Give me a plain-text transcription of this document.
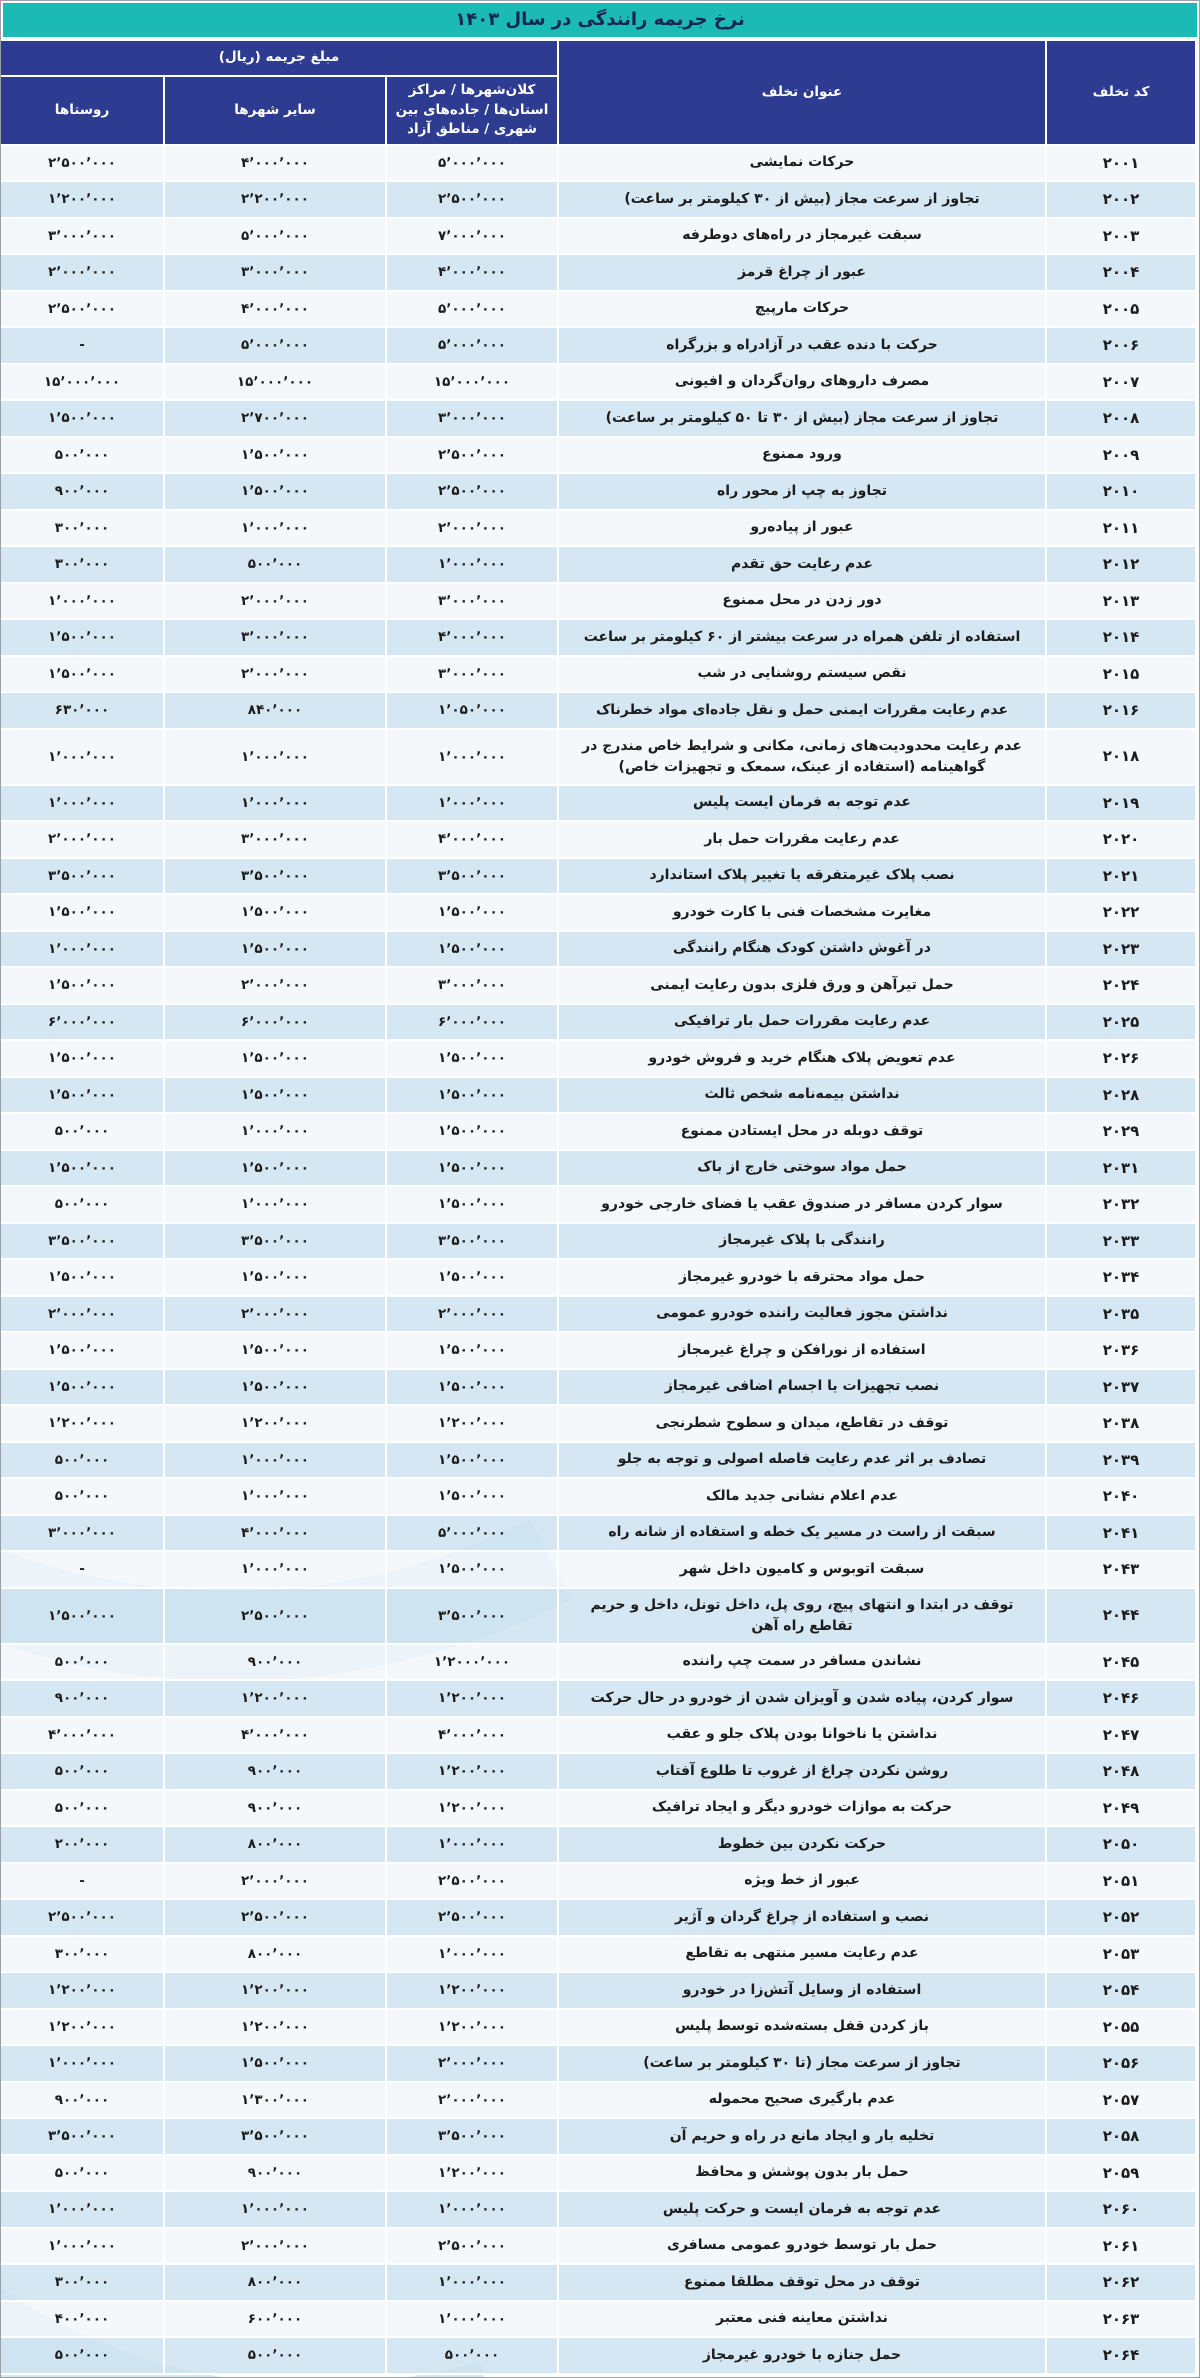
نرخ جریمه رانندگی در سال ۱۴۰۳
کد تخلف	عنوان تخلف	مبلغ جریمه (ریال)		
		کلان‌شهرها / مراکز استان‌ها / جاده‌های بین شهری / مناطق آزاد	سایر شهرها	روستاها
۲۰۰۱	حرکات نمایشی	۵٬۰۰۰٬۰۰۰	۴٬۰۰۰٬۰۰۰	۲٬۵۰۰٬۰۰۰
۲۰۰۲	تجاوز از سرعت مجاز (بیش از ۳۰ کیلومتر بر ساعت)	۲٬۵۰۰٬۰۰۰	۲٬۲۰۰٬۰۰۰	۱٬۲۰۰٬۰۰۰
۲۰۰۳	سبقت غیرمجاز در راه‌های دوطرفه	۷٬۰۰۰٬۰۰۰	۵٬۰۰۰٬۰۰۰	۳٬۰۰۰٬۰۰۰
۲۰۰۴	عبور از چراغ قرمز	۴٬۰۰۰٬۰۰۰	۳٬۰۰۰٬۰۰۰	۲٬۰۰۰٬۰۰۰
۲۰۰۵	حرکات مارپیچ	۵٬۰۰۰٬۰۰۰	۴٬۰۰۰٬۰۰۰	۲٬۵۰۰٬۰۰۰
۲۰۰۶	حرکت با دنده عقب در آزادراه و بزرگراه	۵٬۰۰۰٬۰۰۰	۵٬۰۰۰٬۰۰۰	-
۲۰۰۷	مصرف داروهای روان‌گردان و افیونی	۱۵٬۰۰۰٬۰۰۰	۱۵٬۰۰۰٬۰۰۰	۱۵٬۰۰۰٬۰۰۰
۲۰۰۸	تجاوز از سرعت مجاز (بیش از ۳۰ تا ۵۰ کیلومتر بر ساعت)	۳٬۰۰۰٬۰۰۰	۲٬۷۰۰٬۰۰۰	۱٬۵۰۰٬۰۰۰
۲۰۰۹	ورود ممنوع	۲٬۵۰۰٬۰۰۰	۱٬۵۰۰٬۰۰۰	۵۰۰٬۰۰۰
۲۰۱۰	تجاوز به چپ از محور راه	۲٬۵۰۰٬۰۰۰	۱٬۵۰۰٬۰۰۰	۹۰۰٬۰۰۰
۲۰۱۱	عبور از پیاده‌رو	۲٬۰۰۰٬۰۰۰	۱٬۰۰۰٬۰۰۰	۳۰۰٬۰۰۰
۲۰۱۲	عدم رعایت حق تقدم	۱٬۰۰۰٬۰۰۰	۵۰۰٬۰۰۰	۳۰۰٬۰۰۰
۲۰۱۳	دور زدن در محل ممنوع	۳٬۰۰۰٬۰۰۰	۲٬۰۰۰٬۰۰۰	۱٬۰۰۰٬۰۰۰
۲۰۱۴	استفاده از تلفن همراه در سرعت بیشتر از ۶۰ کیلومتر بر ساعت	۴٬۰۰۰٬۰۰۰	۳٬۰۰۰٬۰۰۰	۱٬۵۰۰٬۰۰۰
۲۰۱۵	نقص سیستم روشنایی در شب	۳٬۰۰۰٬۰۰۰	۲٬۰۰۰٬۰۰۰	۱٬۵۰۰٬۰۰۰
۲۰۱۶	عدم رعایت مقررات ایمنی حمل و نقل جاده‌ای مواد خطرناک	۱٬۰۵۰٬۰۰۰	۸۴۰٬۰۰۰	۶۳۰٬۰۰۰
۲۰۱۸	عدم رعایت محدودیت‌های زمانی، مکانی و شرایط خاص مندرج در گواهینامه (استفاده از عینک، سمعک و تجهیزات خاص)	۱٬۰۰۰٬۰۰۰	۱٬۰۰۰٬۰۰۰	۱٬۰۰۰٬۰۰۰
۲۰۱۹	عدم توجه به فرمان ایست پلیس	۱٬۰۰۰٬۰۰۰	۱٬۰۰۰٬۰۰۰	۱٬۰۰۰٬۰۰۰
۲۰۲۰	عدم رعایت مقررات حمل بار	۴٬۰۰۰٬۰۰۰	۳٬۰۰۰٬۰۰۰	۲٬۰۰۰٬۰۰۰
۲۰۲۱	نصب پلاک غیرمتفرقه یا تغییر پلاک استاندارد	۳٬۵۰۰٬۰۰۰	۳٬۵۰۰٬۰۰۰	۳٬۵۰۰٬۰۰۰
۲۰۲۲	مغایرت مشخصات فنی با کارت خودرو	۱٬۵۰۰٬۰۰۰	۱٬۵۰۰٬۰۰۰	۱٬۵۰۰٬۰۰۰
۲۰۲۳	در آغوش داشتن کودک هنگام رانندگی	۱٬۵۰۰٬۰۰۰	۱٬۵۰۰٬۰۰۰	۱٬۰۰۰٬۰۰۰
۲۰۲۴	حمل تیرآهن و ورق فلزی بدون رعایت ایمنی	۳٬۰۰۰٬۰۰۰	۲٬۰۰۰٬۰۰۰	۱٬۵۰۰٬۰۰۰
۲۰۲۵	عدم رعایت مقررات حمل بار ترافیکی	۶٬۰۰۰٬۰۰۰	۶٬۰۰۰٬۰۰۰	۶٬۰۰۰٬۰۰۰
۲۰۲۶	عدم تعویض پلاک هنگام خرید و فروش خودرو	۱٬۵۰۰٬۰۰۰	۱٬۵۰۰٬۰۰۰	۱٬۵۰۰٬۰۰۰
۲۰۲۸	نداشتن بیمه‌نامه شخص ثالث	۱٬۵۰۰٬۰۰۰	۱٬۵۰۰٬۰۰۰	۱٬۵۰۰٬۰۰۰
۲۰۲۹	توقف دوبله در محل ایستادن ممنوع	۱٬۵۰۰٬۰۰۰	۱٬۰۰۰٬۰۰۰	۵۰۰٬۰۰۰
۲۰۳۱	حمل مواد سوختی خارج از باک	۱٬۵۰۰٬۰۰۰	۱٬۵۰۰٬۰۰۰	۱٬۵۰۰٬۰۰۰
۲۰۳۲	سوار کردن مسافر در صندوق عقب یا فضای خارجی خودرو	۱٬۵۰۰٬۰۰۰	۱٬۰۰۰٬۰۰۰	۵۰۰٬۰۰۰
۲۰۳۳	رانندگی با پلاک غیرمجاز	۳٬۵۰۰٬۰۰۰	۳٬۵۰۰٬۰۰۰	۳٬۵۰۰٬۰۰۰
۲۰۳۴	حمل مواد محترقه با خودرو غیرمجاز	۱٬۵۰۰٬۰۰۰	۱٬۵۰۰٬۰۰۰	۱٬۵۰۰٬۰۰۰
۲۰۳۵	نداشتن مجوز فعالیت راننده خودرو عمومی	۲٬۰۰۰٬۰۰۰	۲٬۰۰۰٬۰۰۰	۲٬۰۰۰٬۰۰۰
۲۰۳۶	استفاده از نورافکن و چراغ غیرمجاز	۱٬۵۰۰٬۰۰۰	۱٬۵۰۰٬۰۰۰	۱٬۵۰۰٬۰۰۰
۲۰۳۷	نصب تجهیزات یا اجسام اضافی غیرمجاز	۱٬۵۰۰٬۰۰۰	۱٬۵۰۰٬۰۰۰	۱٬۵۰۰٬۰۰۰
۲۰۳۸	توقف در تقاطع، میدان و سطوح شطرنجی	۱٬۲۰۰٬۰۰۰	۱٬۲۰۰٬۰۰۰	۱٬۲۰۰٬۰۰۰
۲۰۳۹	تصادف بر اثر عدم رعایت فاصله اصولی و توجه به جلو	۱٬۵۰۰٬۰۰۰	۱٬۰۰۰٬۰۰۰	۵۰۰٬۰۰۰
۲۰۴۰	عدم اعلام نشانی جدید مالک	۱٬۵۰۰٬۰۰۰	۱٬۰۰۰٬۰۰۰	۵۰۰٬۰۰۰
۲۰۴۱	سبقت از راست در مسیر یک خطه و استفاده از شانه راه	۵٬۰۰۰٬۰۰۰	۴٬۰۰۰٬۰۰۰	۳٬۰۰۰٬۰۰۰
۲۰۴۳	سبقت اتوبوس و کامیون داخل شهر	۱٬۵۰۰٬۰۰۰	۱٬۰۰۰٬۰۰۰	-
۲۰۴۴	توقف در ابتدا و انتهای پیچ، روی پل، داخل تونل، داخل و حریم تقاطع راه آهن	۳٬۵۰۰٬۰۰۰	۲٬۵۰۰٬۰۰۰	۱٬۵۰۰٬۰۰۰
۲۰۴۵	نشاندن مسافر در سمت چپ راننده	۱٬۲۰۰۰٬۰۰۰	۹۰۰٬۰۰۰	۵۰۰٬۰۰۰
۲۰۴۶	سوار کردن، پیاده شدن و آویزان شدن از خودرو در حال حرکت	۱٬۲۰۰٬۰۰۰	۱٬۲۰۰٬۰۰۰	۹۰۰٬۰۰۰
۲۰۴۷	نداشتن یا ناخوانا بودن پلاک جلو و عقب	۴٬۰۰۰٬۰۰۰	۴٬۰۰۰٬۰۰۰	۴٬۰۰۰٬۰۰۰
۲۰۴۸	روشن نکردن چراغ از غروب تا طلوع آفتاب	۱٬۲۰۰٬۰۰۰	۹۰۰٬۰۰۰	۵۰۰٬۰۰۰
۲۰۴۹	حرکت به موازات خودرو دیگر و ایجاد ترافیک	۱٬۲۰۰٬۰۰۰	۹۰۰٬۰۰۰	۵۰۰٬۰۰۰
۲۰۵۰	حرکت نکردن بین خطوط	۱٬۰۰۰٬۰۰۰	۸۰۰٬۰۰۰	۲۰۰٬۰۰۰
۲۰۵۱	عبور از خط ویژه	۲٬۵۰۰٬۰۰۰	۲٬۰۰۰٬۰۰۰	-
۲۰۵۲	نصب و استفاده از چراغ گردان و آژیر	۲٬۵۰۰٬۰۰۰	۲٬۵۰۰٬۰۰۰	۲٬۵۰۰٬۰۰۰
۲۰۵۳	عدم رعایت مسیر منتهی به تقاطع	۱٬۰۰۰٬۰۰۰	۸۰۰٬۰۰۰	۳۰۰٬۰۰۰
۲۰۵۴	استفاده از وسایل آتش‌زا در خودرو	۱٬۲۰۰٬۰۰۰	۱٬۲۰۰٬۰۰۰	۱٬۲۰۰٬۰۰۰
۲۰۵۵	باز کردن قفل بسته‌شده توسط پلیس	۱٬۲۰۰٬۰۰۰	۱٬۲۰۰٬۰۰۰	۱٬۲۰۰٬۰۰۰
۲۰۵۶	تجاوز از سرعت مجاز (تا ۳۰ کیلومتر بر ساعت)	۲٬۰۰۰٬۰۰۰	۱٬۵۰۰٬۰۰۰	۱٬۰۰۰٬۰۰۰
۲۰۵۷	عدم بارگیری صحیح محموله	۲٬۰۰۰٬۰۰۰	۱٬۳۰۰٬۰۰۰	۹۰۰٬۰۰۰
۲۰۵۸	تخلیه بار و ایجاد مانع در راه و حریم آن	۳٬۵۰۰٬۰۰۰	۳٬۵۰۰٬۰۰۰	۳٬۵۰۰٬۰۰۰
۲۰۵۹	حمل بار بدون پوشش و محافظ	۱٬۲۰۰٬۰۰۰	۹۰۰٬۰۰۰	۵۰۰٬۰۰۰
۲۰۶۰	عدم توجه به فرمان ایست و حرکت پلیس	۱٬۰۰۰٬۰۰۰	۱٬۰۰۰٬۰۰۰	۱٬۰۰۰٬۰۰۰
۲۰۶۱	حمل بار توسط خودرو عمومی مسافری	۲٬۵۰۰٬۰۰۰	۲٬۰۰۰٬۰۰۰	۱٬۰۰۰٬۰۰۰
۲۰۶۲	توقف در محل توقف مطلقا ممنوع	۱٬۰۰۰٬۰۰۰	۸۰۰٬۰۰۰	۳۰۰٬۰۰۰
۲۰۶۳	نداشتن معاینه فنی معتبر	۱٬۰۰۰٬۰۰۰	۶۰۰٬۰۰۰	۴۰۰٬۰۰۰
۲۰۶۴	حمل جنازه با خودرو غیرمجاز	۵۰۰٬۰۰۰	۵۰۰٬۰۰۰	۵۰۰٬۰۰۰
